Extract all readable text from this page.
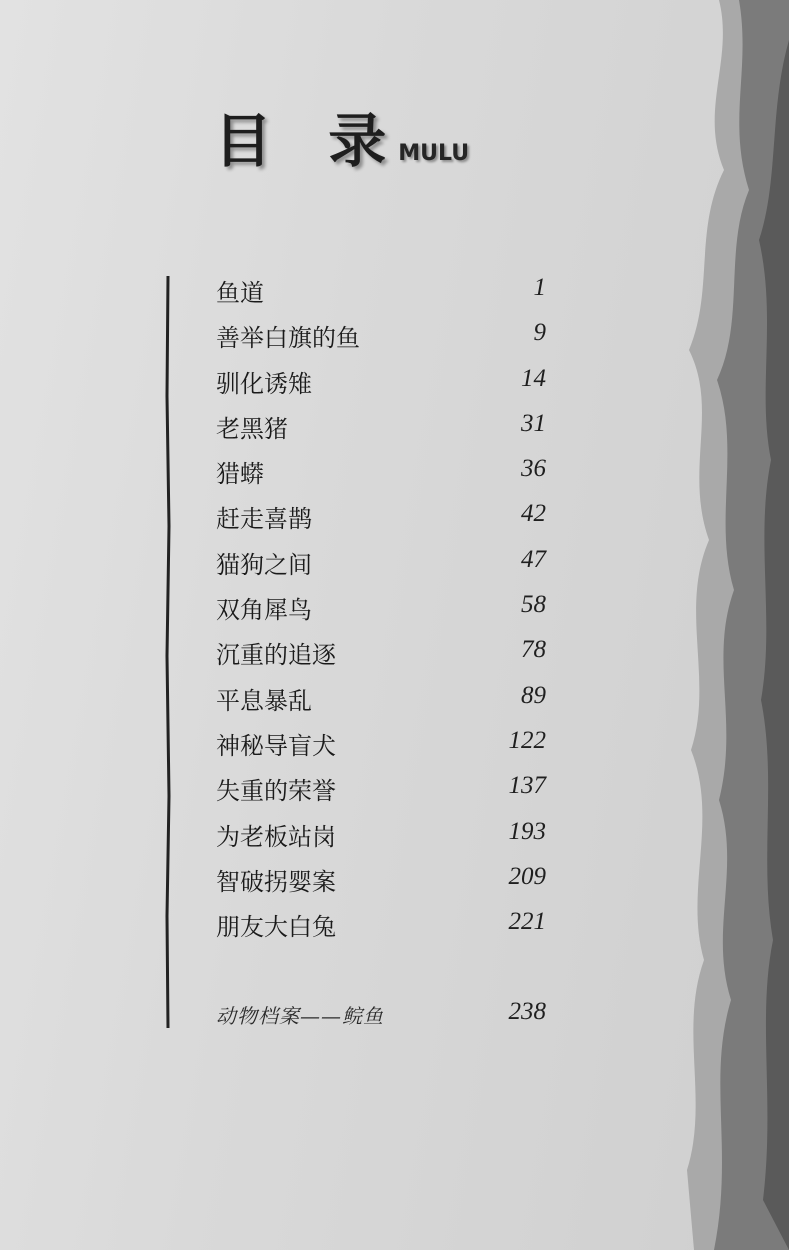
目 录
MULU
鱼道	1
善举白旗的鱼	9
驯化诱雉	14
老黑猪	31
猎蟒	36
赶走喜鹊	42
猫狗之间	47
双角犀鸟	58
沉重的追逐	78
平息暴乱	89
神秘导盲犬	122
失重的荣誉	137
为老板站岗	193
智破拐婴案	209
朋友大白兔	221
动物档案——鲩鱼	238
